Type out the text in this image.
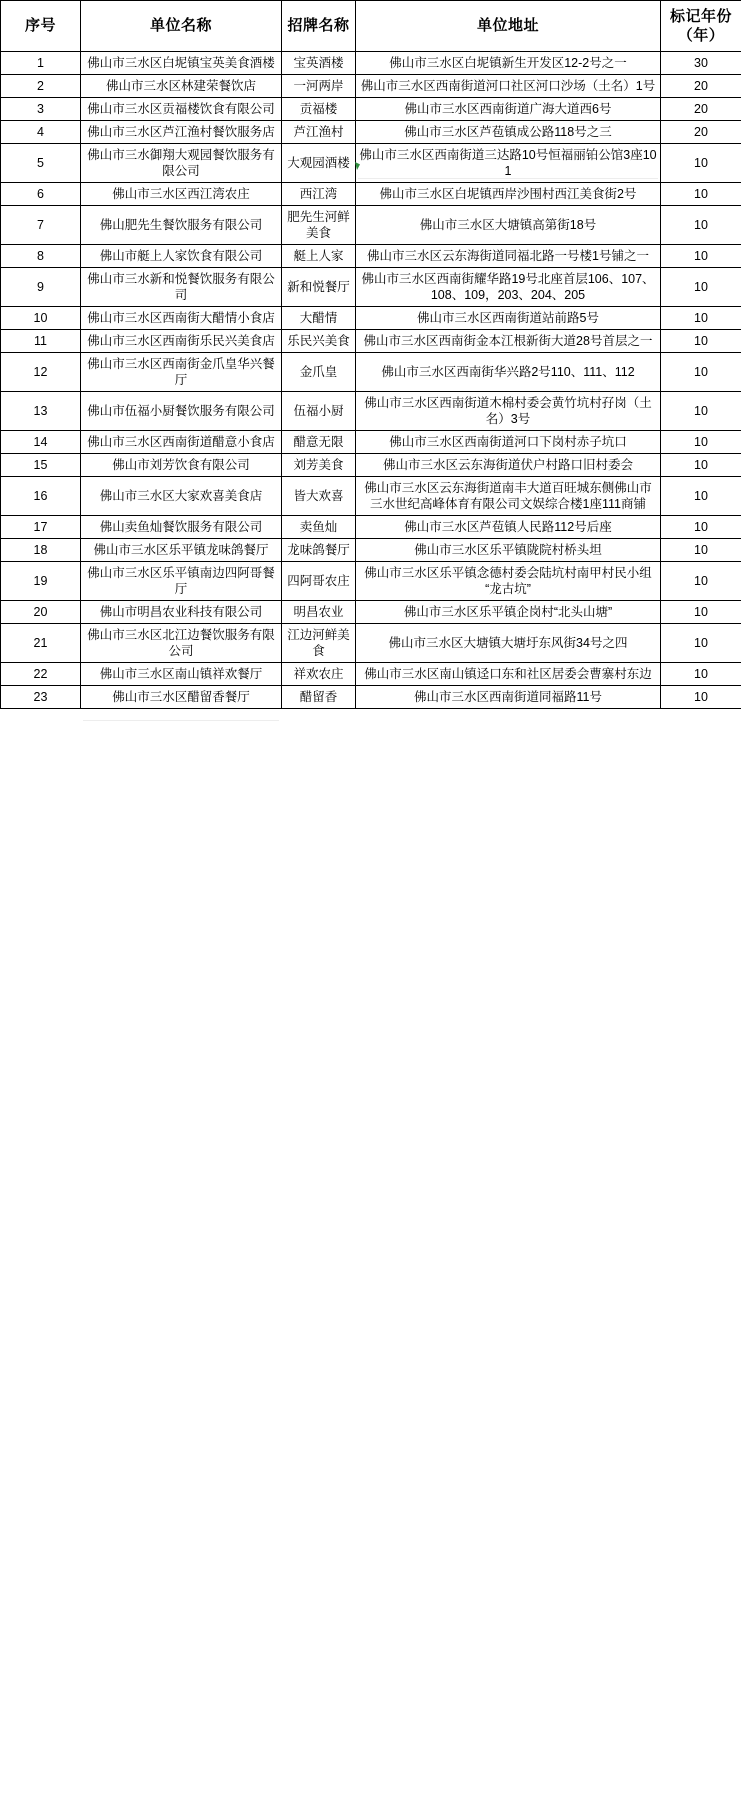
序号	单位名称	招牌名称	单位地址	标记年份
（年）

1	佛山市三水区白坭镇宝英美食酒楼	宝英酒楼	佛山市三水区白坭镇新生开发区12-2号之一	30
2	佛山市三水区林建荣餐饮店	一河两岸	佛山市三水区西南街道河口社区河口沙场（土名）1号	20
3	佛山市三水区贡福楼饮食有限公司	贡福楼	佛山市三水区西南街道广海大道西6号	20
4	佛山市三水区芦江渔村餐饮服务店	芦江渔村	佛山市三水区芦苞镇成公路118号之三	20
5	佛山市三水御翔大观园餐饮服务有限公司	大观园酒楼	佛山市三水区西南街道三达路10号恒福丽铂公馆3座101	10
6	佛山市三水区西江湾农庄	西江湾	佛山市三水区白坭镇西岸沙围村西江美食街2号	10
7	佛山肥先生餐饮服务有限公司	肥先生河鲜美食	佛山市三水区大塘镇高第街18号	10
8	佛山市艇上人家饮食有限公司	艇上人家	佛山市三水区云东海街道同福北路一号楼1号铺之一	10
9	佛山市三水新和悦餐饮服务有限公司	新和悦餐厅	佛山市三水区西南街耀华路19号北座首层106、107、108、109，203、204、205	10
10	佛山市三水区西南街大醋情小食店	大醋情	佛山市三水区西南街道站前路5号	10
11	佛山市三水区西南街乐民兴美食店	乐民兴美食	佛山市三水区西南街金本江根新街大道28号首层之一	10
12	佛山市三水区西南街金爪皇华兴餐厅	金爪皇	佛山市三水区西南街华兴路2号110、111、112	10
13	佛山市伍福小厨餐饮服务有限公司	伍福小厨	佛山市三水区西南街道木棉村委会黄竹坑村孖岗（土名）3号	10
14	佛山市三水区西南街道醋意小食店	醋意无限	佛山市三水区西南街道河口下岗村赤子坑口	10
15	佛山市刘芳饮食有限公司	刘芳美食	佛山市三水区云东海街道伏户村路口旧村委会	10
16	佛山市三水区大家欢喜美食店	皆大欢喜	佛山市三水区云东海街道南丰大道百旺城东侧佛山市三水世纪高峰体育有限公司文娱综合楼1座111商铺	10
17	佛山卖鱼灿餐饮服务有限公司	卖鱼灿	佛山市三水区芦苞镇人民路112号后座	10
18	佛山市三水区乐平镇龙味鸽餐厅	龙味鸽餐厅	佛山市三水区乐平镇陇院村桥头坦	10
19	佛山市三水区乐平镇南边四阿哥餐厅	四阿哥农庄	佛山市三水区乐平镇念德村委会陆坑村南甲村民小组“龙古坑”	10
20	佛山市明昌农业科技有限公司	明昌农业	佛山市三水区乐平镇企岗村“北头山塘”	10
21	佛山市三水区北江边餐饮服务有限公司	江边河鲜美食	佛山市三水区大塘镇大塘圩东风街34号之四	10
22	佛山市三水区南山镇祥欢餐厅	祥欢农庄	佛山市三水区南山镇迳口东和社区居委会曹寨村东边	10
23	佛山市三水区醋留香餐厅	醋留香	佛山市三水区西南街道同福路11号	10
